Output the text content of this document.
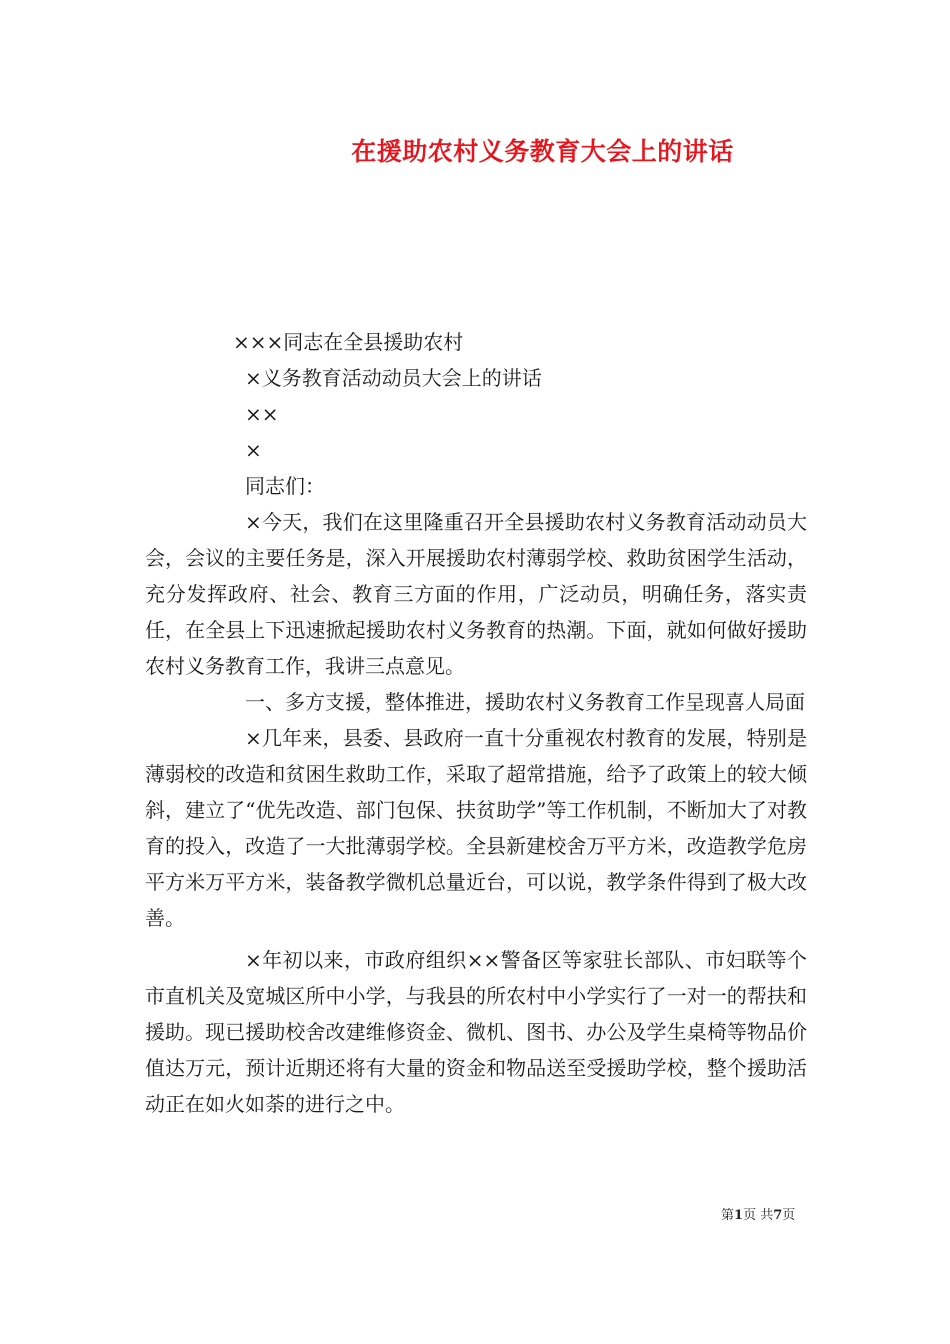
在援助农村义务教育大会上的讲话

×××同志在全县援助农村

×义务教育活动动员大会上的讲话

××

×

同志们：

×今天，我们在这里隆重召开全县援助农村义务教育活动动员大会，会议的主要任务是，深入开展援助农村薄弱学校、救助贫困学生活动，充分发挥政府、社会、教育三方面的作用，广泛动员，明确任务，落实责任，在全县上下迅速掀起援助农村义务教育的热潮。下面，就如何做好援助农村义务教育工作，我讲三点意见。

一、多方支援，整体推进，援助农村义务教育工作呈现喜人局面

×几年来，县委、县政府一直十分重视农村教育的发展，特别是薄弱校的改造和贫困生救助工作，采取了超常措施，给予了政策上的较大倾斜，建立了“优先改造、部门包保、扶贫助学”等工作机制，不断加大了对教育的投入，改造了一大批薄弱学校。全县新建校舍万平方米，改造教学危房平方米万平方米，装备教学微机总量近台，可以说，教学条件得到了极大改善。

×年初以来，市政府组织××警备区等家驻长部队、市妇联等个市直机关及宽城区所中小学，与我县的所农村中小学实行了一对一的帮扶和援助。现已援助校舍改建维修资金、微机、图书、办公及学生桌椅等物品价值达万元，预计近期还将有大量的资金和物品送至受援助学校，整个援助活动正在如火如荼的进行之中。

第1页 共7页
